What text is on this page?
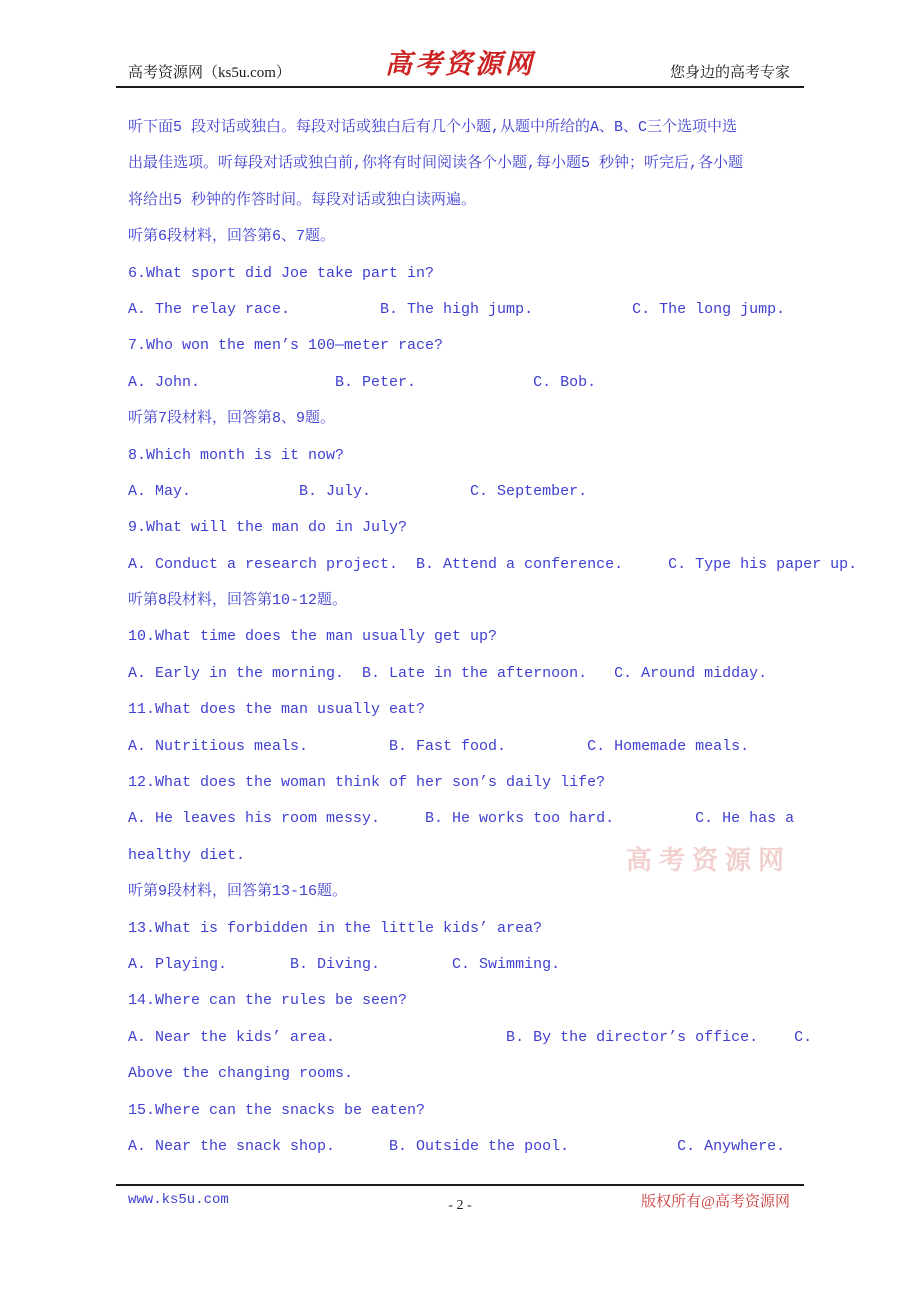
高考资源网（ks5u.com）	高考资源网	您身边的高考专家
听下面5 段对话或独白。每段对话或独白后有几个小题,从题中所给的A、B、C三个选项中选
出最佳选项。听每段对话或独白前,你将有时间阅读各个小题,每小题5 秒钟；听完后,各小题
将给出5 秒钟的作答时间。每段对话或独白读两遍。
听第6段材料，回答第6、7题。
6.What sport did Joe take part in?
A. The relay race.          B. The high jump.           C. The long jump.
7.Who won the men’s 100—meter race?
A. John.               B. Peter.             C. Bob.
听第7段材料，回答第8、9题。
8.Which month is it now?
A. May.            B. July.           C. September.
9.What will the man do in July?
A. Conduct a research project.  B. Attend a conference.     C. Type his paper up.
听第8段材料，回答第10-12题。
10.What time does the man usually get up?
A. Early in the morning.  B. Late in the afternoon.   C. Around midday.
11.What does the man usually eat?
A. Nutritious meals.         B. Fast food.         C. Homemade meals.
12.What does the woman think of her son’s daily life?
A. He leaves his room messy.     B. He works too hard.         C. He has a
healthy diet.
听第9段材料，回答第13-16题。
13.What is forbidden in the little kids’ area?
A. Playing.       B. Diving.        C. Swimming.
14.Where can the rules be seen?
A. Near the kids’ area.                   B. By the director’s office.    C.
Above the changing rooms.
15.Where can the snacks be eaten?
A. Near the snack shop.      B. Outside the pool.            C. Anywhere.
高考资源网
www.ks5u.com	- 2 -	版权所有@高考资源网
